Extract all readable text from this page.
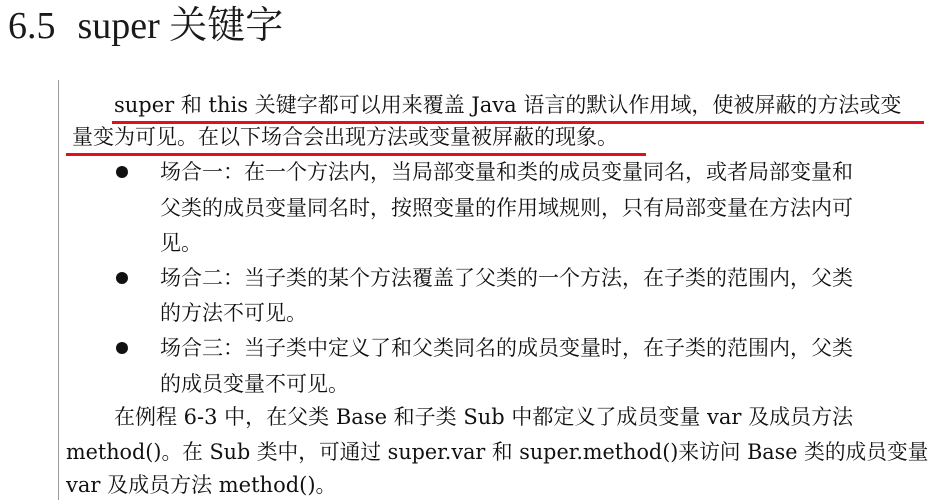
6.5 super 关键字
super 和 this 关键字都可以用来覆盖 Java 语言的默认作用域，使被屏蔽的方法或变
量变为可见。在以下场合会出现方法或变量被屏蔽的现象。
场合一：在一个方法内，当局部变量和类的成员变量同名，或者局部变量和
父类的成员变量同名时，按照变量的作用域规则，只有局部变量在方法内可
见。
场合二：当子类的某个方法覆盖了父类的一个方法，在子类的范围内，父类
的方法不可见。
场合三：当子类中定义了和父类同名的成员变量时，在子类的范围内，父类
的成员变量不可见。
在例程 6-3 中，在父类 Base 和子类 Sub 中都定义了成员变量 var 及成员方法
method()。在 Sub 类中，可通过 super.var 和 super.method()来访问 Base 类的成员变量
var 及成员方法 method()。
